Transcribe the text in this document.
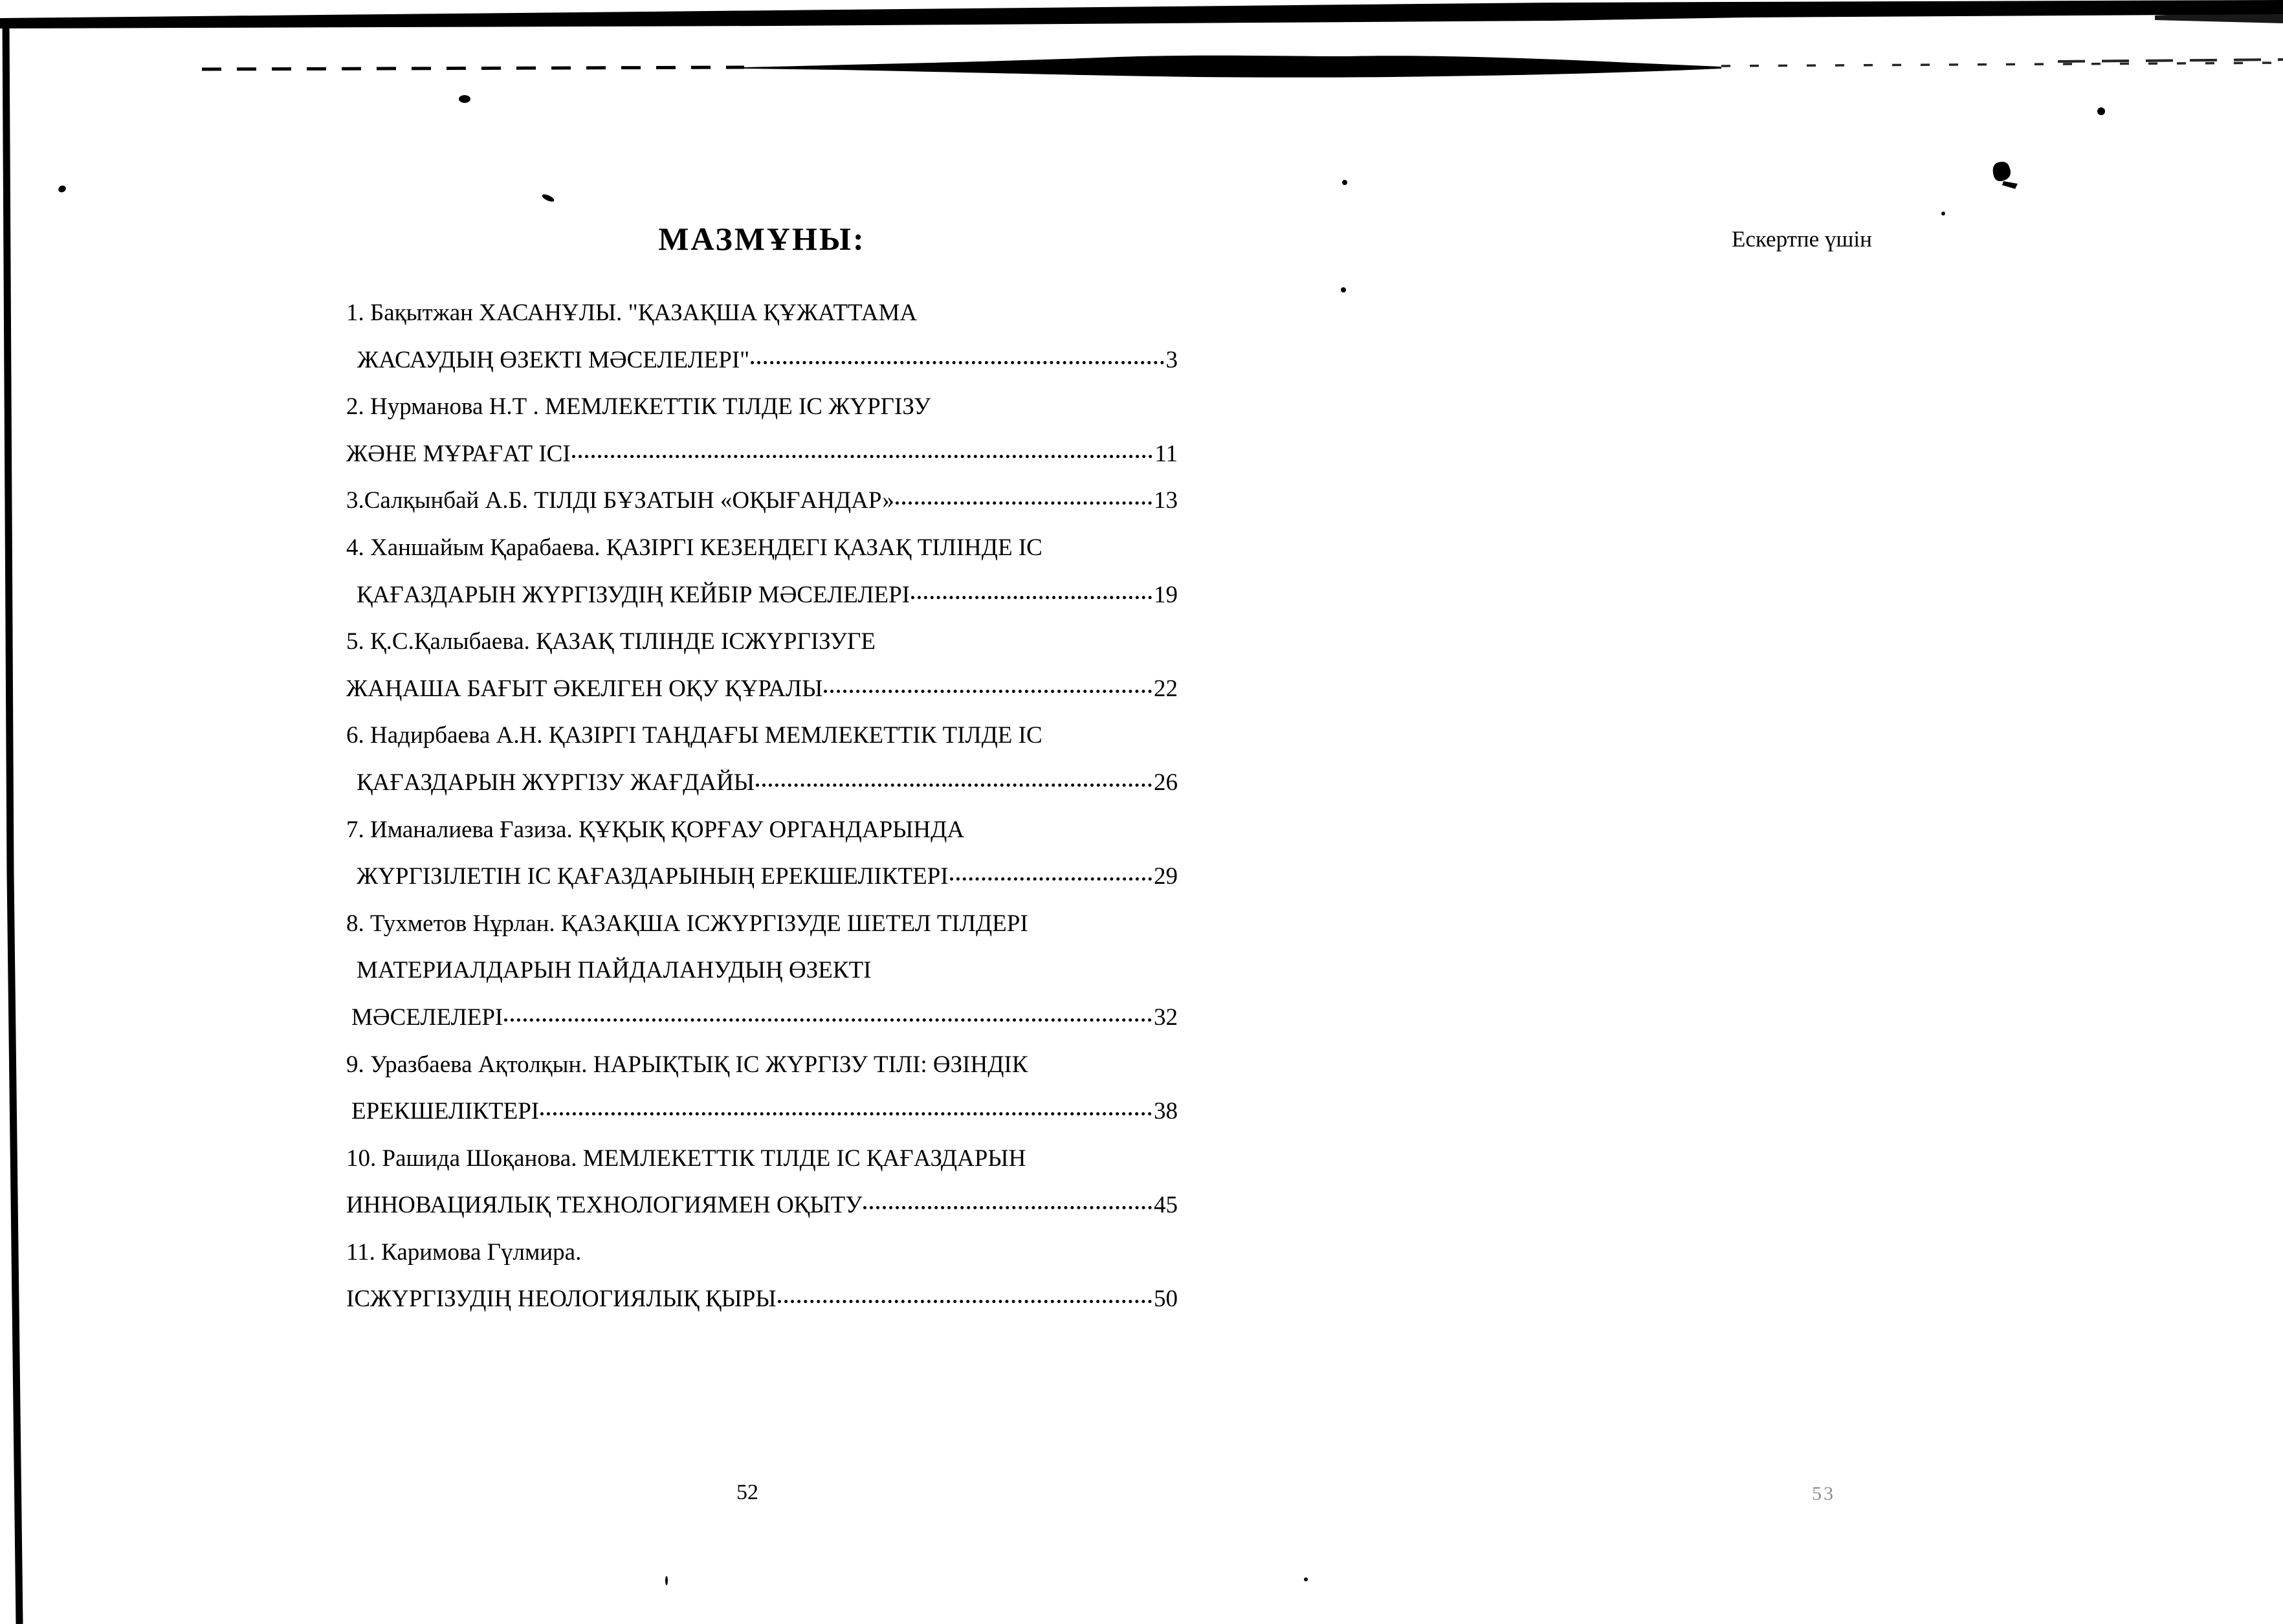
МАЗМҰНЫ:
1. Бақытжан ХАСАНҰЛЫ. "ҚАЗАҚША ҚҰЖАТТАМА
ЖАСАУДЫҢ ӨЗЕКТІ МӘСЕЛЕЛЕРІ"	3
2. Нурманова Н.Т . МЕМЛЕКЕТТІК ТІЛДЕ ІС ЖҮРГІЗУ
ЖӘНЕ МҰРАҒАТ ІСІ	11
3.Салқынбай А.Б. ТІЛДІ БҰЗАТЫН «ОҚЫҒАНДАР»	13
4. Ханшайым Қарабаева. ҚАЗІРГІ КЕЗЕҢДЕГІ ҚАЗАҚ ТІЛІНДЕ ІС
ҚАҒАЗДАРЫН ЖҮРГІЗУДІҢ КЕЙБІР МӘСЕЛЕЛЕРІ	19
5. Қ.С.Қалыбаева. ҚАЗАҚ ТІЛІНДЕ ІСЖҮРГІЗУГЕ
ЖАҢАША БАҒЫТ ӘКЕЛГЕН ОҚУ ҚҰРАЛЫ	22
6. Надирбаева А.Н. ҚАЗІРГІ ТАҢДАҒЫ МЕМЛЕКЕТТІК ТІЛДЕ ІС
ҚАҒАЗДАРЫН ЖҮРГІЗУ ЖАҒДАЙЫ	26
7. Иманалиева Ғазиза. ҚҰҚЫҚ ҚОРҒАУ ОРГАНДАРЫНДА
ЖҮРГІЗІЛЕТІН ІС ҚАҒАЗДАРЫНЫҢ ЕРЕКШЕЛІКТЕРІ	29
8. Тухметов Нұрлан. ҚАЗАҚША ІСЖҮРГІЗУДЕ ШЕТЕЛ ТІЛДЕРІ
МАТЕРИАЛДАРЫН ПАЙДАЛАНУДЫҢ ӨЗЕКТІ
МӘСЕЛЕЛЕРІ	32
9. Уразбаева Ақтолқын. НАРЫҚТЫҚ ІС ЖҮРГІЗУ ТІЛІ: ӨЗІНДІК
ЕРЕКШЕЛІКТЕРІ	38
10. Рашида Шоқанова. МЕМЛЕКЕТТІК ТІЛДЕ ІС ҚАҒАЗДАРЫН
ИННОВАЦИЯЛЫҚ ТЕХНОЛОГИЯМЕН ОҚЫТУ	45
11. Каримова Гүлмира.
ІСЖҮРГІЗУДІҢ НЕОЛОГИЯЛЫҚ ҚЫРЫ	50
52
Ескертпе үшін
53
